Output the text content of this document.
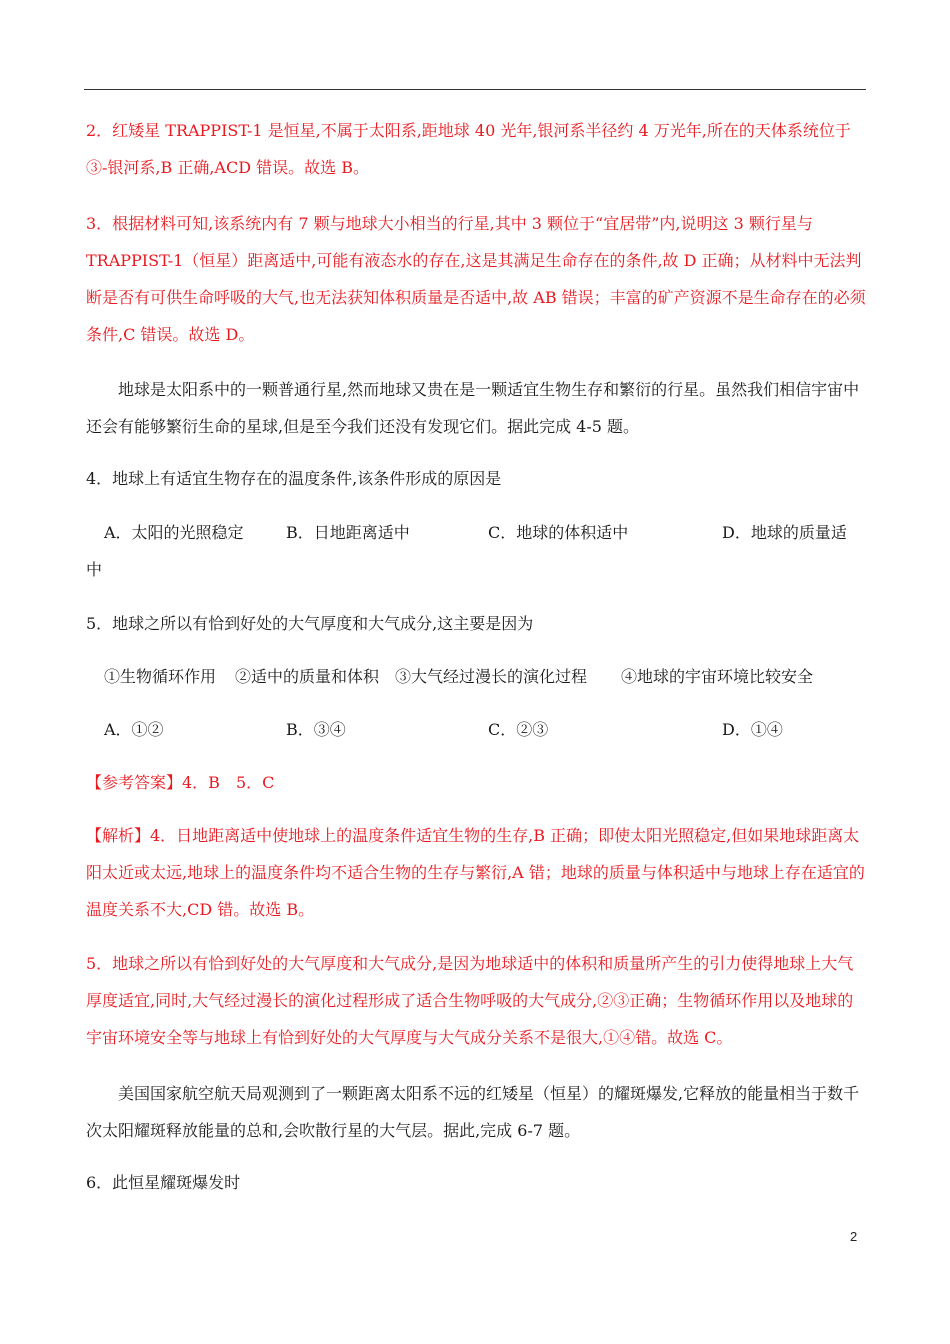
2．红矮星 TRAPPIST-1 是恒星,不属于太阳系,距地球 40 光年,银河系半径约 4 万光年,所在的天体系统位于③-银河系,B 正确,ACD 错误。故选 B。

3．根据材料可知,该系统内有 7 颗与地球大小相当的行星,其中 3 颗位于“宜居带”内,说明这 3 颗行星与 TRAPPIST-1（恒星）距离适中,可能有液态水的存在,这是其满足生命存在的条件,故 D 正确；从材料中无法判断是否有可供生命呼吸的大气,也无法获知体积质量是否适中,故 AB 错误；丰富的矿产资源不是生命存在的必须条件,C 错误。故选 D。

地球是太阳系中的一颗普通行星,然而地球又贵在是一颗适宜生物生存和繁衍的行星。虽然我们相信宇宙中还会有能够繁衍生命的星球,但是至今我们还没有发现它们。据此完成 4-5 题。

4．地球上有适宜生物存在的温度条件,该条件形成的原因是

A．太阳的光照稳定	B．日地距离适中	C．地球的体积适中	D．地球的质量适

中

5．地球之所以有恰到好处的大气厚度和大气成分,这主要是因为

①生物循环作用 ②适中的质量和体积 ③大气经过漫长的演化过程 ④地球的宇宙环境比较安全
A．①②	B．③④	C．②③	D．①④

【参考答案】4．B　5．C

【解析】4．日地距离适中使地球上的温度条件适宜生物的生存,B 正确；即使太阳光照稳定,但如果地球距离太阳太近或太远,地球上的温度条件均不适合生物的生存与繁衍,A 错；地球的质量与体积适中与地球上存在适宜的温度关系不大,CD 错。故选 B。

5．地球之所以有恰到好处的大气厚度和大气成分,是因为地球适中的体积和质量所产生的引力使得地球上大气厚度适宜,同时,大气经过漫长的演化过程形成了适合生物呼吸的大气成分,②③正确；生物循环作用以及地球的宇宙环境安全等与地球上有恰到好处的大气厚度与大气成分关系不是很大,①④错。故选 C。

美国国家航空航天局观测到了一颗距离太阳系不远的红矮星（恒星）的耀斑爆发,它释放的能量相当于数千次太阳耀斑释放能量的总和,会吹散行星的大气层。据此,完成 6-7 题。

6．此恒星耀斑爆发时

2
